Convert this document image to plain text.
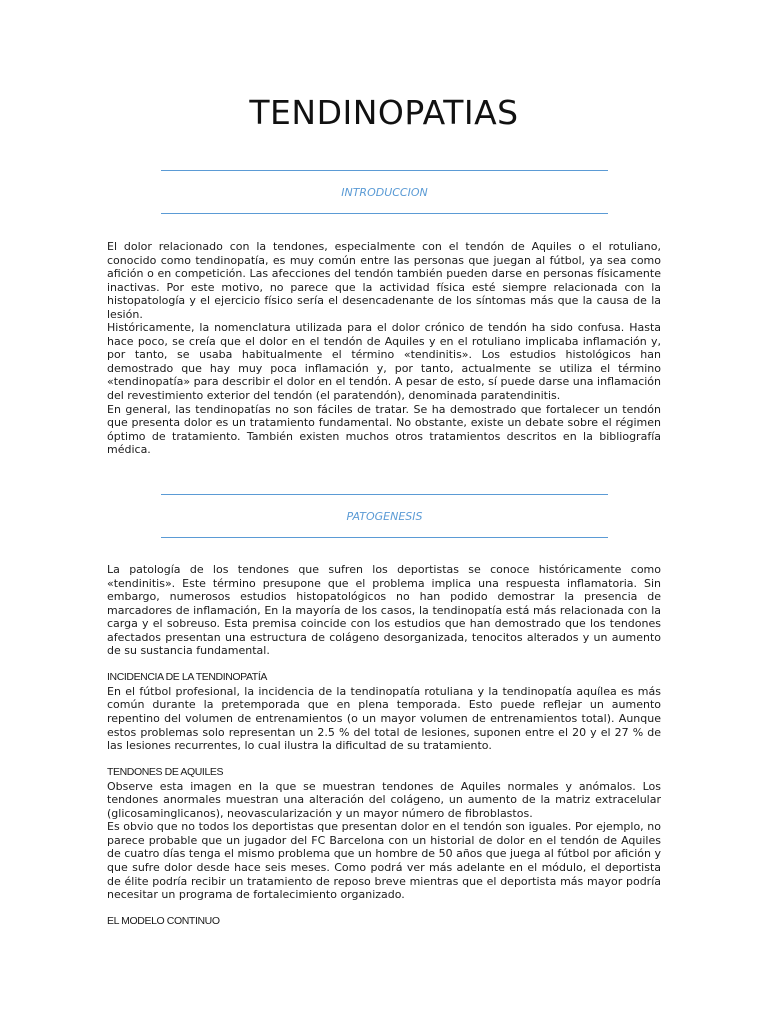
TENDINOPATIAS
INTRODUCCION

El dolor relacionado con la tendones, especialmente con el tendón de Aquiles o el rotuliano, conocido como tendinopatía, es muy común entre las personas que juegan al fútbol, ya sea como afición o en competición. Las afecciones del tendón también pueden darse en personas físicamente inactivas. Por este motivo, no parece que la actividad física esté siempre relacionada con la histopatología y el ejercicio físico sería el desencadenante de los síntomas más que la causa de la lesión.

Históricamente, la nomenclatura utilizada para el dolor crónico de tendón ha sido confusa. Hasta hace poco, se creía que el dolor en el tendón de Aquiles y en el rotuliano implicaba inflamación y, por tanto, se usaba habitualmente el término «tendinitis». Los estudios histológicos han demostrado que hay muy poca inflamación y, por tanto, actualmente se utiliza el término «tendinopatía» para describir el dolor en el tendón. A pesar de esto, sí puede darse una inflamación del revestimiento exterior del tendón (el paratendón), denominada paratendinitis.

En general, las tendinopatías no son fáciles de tratar. Se ha demostrado que fortalecer un tendón que presenta dolor es un tratamiento fundamental. No obstante, existe un debate sobre el régimen óptimo de tratamiento. También existen muchos otros tratamientos descritos en la bibliografía médica.

PATOGENESIS

La patología de los tendones que sufren los deportistas se conoce históricamente como «tendinitis». Este término presupone que el problema implica una respuesta inflamatoria. Sin embargo, numerosos estudios histopatológicos no han podido demostrar la presencia de marcadores de inflamación, En la mayoría de los casos, la tendinopatía está más relacionada con la carga y el sobreuso. Esta premisa coincide con los estudios que han demostrado que los tendones afectados presentan una estructura de colágeno desorganizada, tenocitos alterados y un aumento de su sustancia fundamental.

INCIDENCIA DE LA TENDINOPATÍA

En el fútbol profesional, la incidencia de la tendinopatía rotuliana y la tendinopatía aquílea es más común durante la pretemporada que en plena temporada. Esto puede reflejar un aumento repentino del volumen de entrenamientos (o un mayor volumen de entrenamientos total). Aunque estos problemas solo representan un 2.5 % del total de lesiones, suponen entre el 20 y el 27 % de las lesiones recurrentes, lo cual ilustra la dificultad de su tratamiento.

TENDONES DE AQUILES

Observe esta imagen en la que se muestran tendones de Aquiles normales y anómalos. Los tendones anormales muestran una alteración del colágeno, un aumento de la matriz extracelular (glicosaminglicanos), neovascularización y un mayor número de fibroblastos.

Es obvio que no todos los deportistas que presentan dolor en el tendón son iguales. Por ejemplo, no parece probable que un jugador del FC Barcelona con un historial de dolor en el tendón de Aquiles de cuatro días tenga el mismo problema que un hombre de 50 años que juega al fútbol por afición y que sufre dolor desde hace seis meses. Como podrá ver más adelante en el módulo, el deportista de élite podría recibir un tratamiento de reposo breve mientras que el deportista más mayor podría necesitar un programa de fortalecimiento organizado.

EL MODELO CONTINUO
